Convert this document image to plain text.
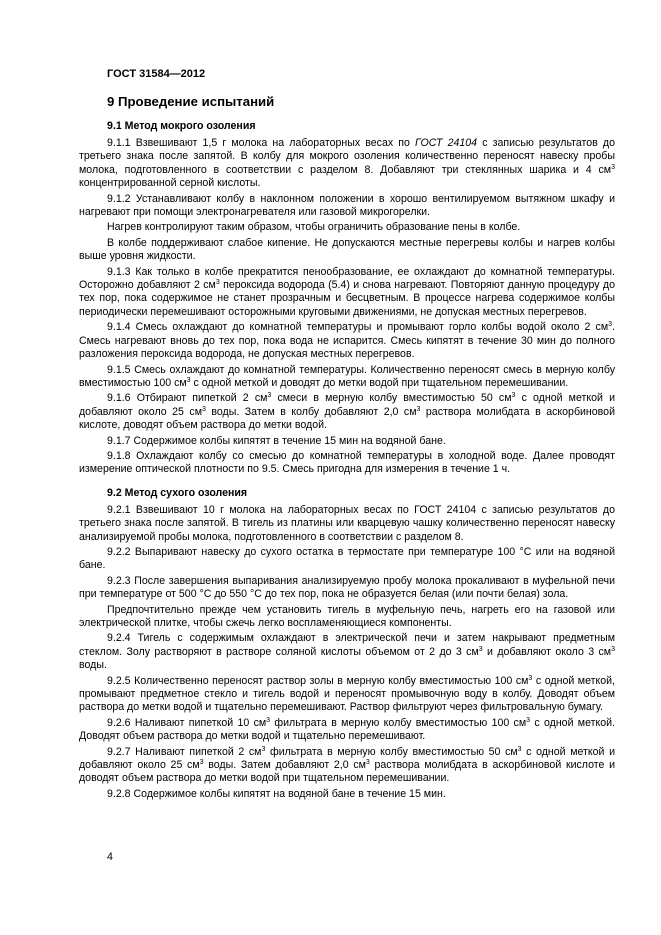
ГОСТ 31584—2012

9 Проведение испытаний
9.1 Метод мокрого озоления

9.1.1 Взвешивают 1,5 г молока на лабораторных весах по ГОСТ 24104 с записью результатов до третьего знака после запятой. В колбу для мокрого озоления количественно переносят навеску пробы молока, подготовленного в соответствии с разделом 8. Добавляют три стеклянных шарика и 4 $см^3$ концентрированной серной кислоты.

9.1.2 Устанавливают колбу в наклонном положении в хорошо вентилируемом вытяжном шкафу и нагревают при помощи электронагревателя или газовой микрогорелки.

Нагрев контролируют таким образом, чтобы ограничить образование пены в колбе.

В колбе поддерживают слабое кипение. Не допускаются местные перегревы колбы и нагрев колбы выше уровня жидкости.

9.1.3 Как только в колбе прекратится пенообразование, ее охлаждают до комнатной температуры. Осторожно добавляют 2 $см^3$ пероксида водорода (5.4) и снова нагревают. Повторяют данную процедуру до тех пор, пока содержимое не станет прозрачным и бесцветным. В процессе нагрева содержимое колбы периодически перемешивают осторожными круговыми движениями, не допуская местных перегревов.

9.1.4 Смесь охлаждают до комнатной температуры и промывают горло колбы водой около 2 $см^3$. Смесь нагревают вновь до тех пор, пока вода не испарится. Смесь кипятят в течение 30 мин до полного разложения пероксида водорода, не допуская местных перегревов.

9.1.5 Смесь охлаждают до комнатной температуры. Количественно переносят смесь в мерную колбу вместимостью 100 $см^3$ с одной меткой и доводят до метки водой при тщательном перемешивании.

9.1.6 Отбирают пипеткой 2 $см^3$ смеси в мерную колбу вместимостью 50 $см^3$ с одной меткой и добавляют около 25 $см^3$ воды. Затем в колбу добавляют 2,0 $см^3$ раствора молибдата в аскорбиновой кислоте, доводят объем раствора до метки водой.

9.1.7 Содержимое колбы кипятят в течение 15 мин на водяной бане.

9.1.8 Охлаждают колбу со смесью до комнатной температуры в холодной воде. Далее проводят измерение оптической плотности по 9.5. Смесь пригодна для измерения в течение 1 ч.

9.2 Метод сухого озоления

9.2.1 Взвешивают 10 г молока на лабораторных весах по ГОСТ 24104 с записью результатов до третьего знака после запятой. В тигель из платины или кварцевую чашку количественно переносят навеску анализируемой пробы молока, подготовленного в соответствии с разделом 8.

9.2.2 Выпаривают навеску до сухого остатка в термостате при температуре 100 °С или на водяной бане.

9.2.3 После завершения выпаривания анализируемую пробу молока прокаливают в муфельной печи при температуре от 500 °С до 550 °С до тех пор, пока не образуется белая (или почти белая) зола.

Предпочтительно прежде чем установить тигель в муфельную печь, нагреть его на газовой или электрической плитке, чтобы сжечь легко воспламеняющиеся компоненты.

9.2.4 Тигель с содержимым охлаждают в электрической печи и затем накрывают предметным стеклом. Золу растворяют в растворе соляной кислоты объемом от 2 до 3 $см^3$ и добавляют около 3 $см^3$ воды.

9.2.5 Количественно переносят раствор золы в мерную колбу вместимостью 100 $см^3$ с одной меткой, промывают предметное стекло и тигель водой и переносят промывочную воду в колбу. Доводят объем раствора до метки водой и тщательно перемешивают. Раствор фильтруют через фильтровальную бумагу.

9.2.6 Наливают пипеткой 10 $см^3$ фильтрата в мерную колбу вместимостью 100 $см^3$ с одной меткой. Доводят объем раствора до метки водой и тщательно перемешивают.

9.2.7 Наливают пипеткой 2 $см^3$ фильтрата в мерную колбу вместимостью 50 $см^3$ с одной меткой и добавляют около 25 $см^3$ воды. Затем добавляют 2,0 $см^3$ раствора молибдата в аскорбиновой кислоте и доводят объем раствора до метки водой при тщательном перемешивании.

9.2.8 Содержимое колбы кипятят на водяной бане в течение 15 мин.

4
